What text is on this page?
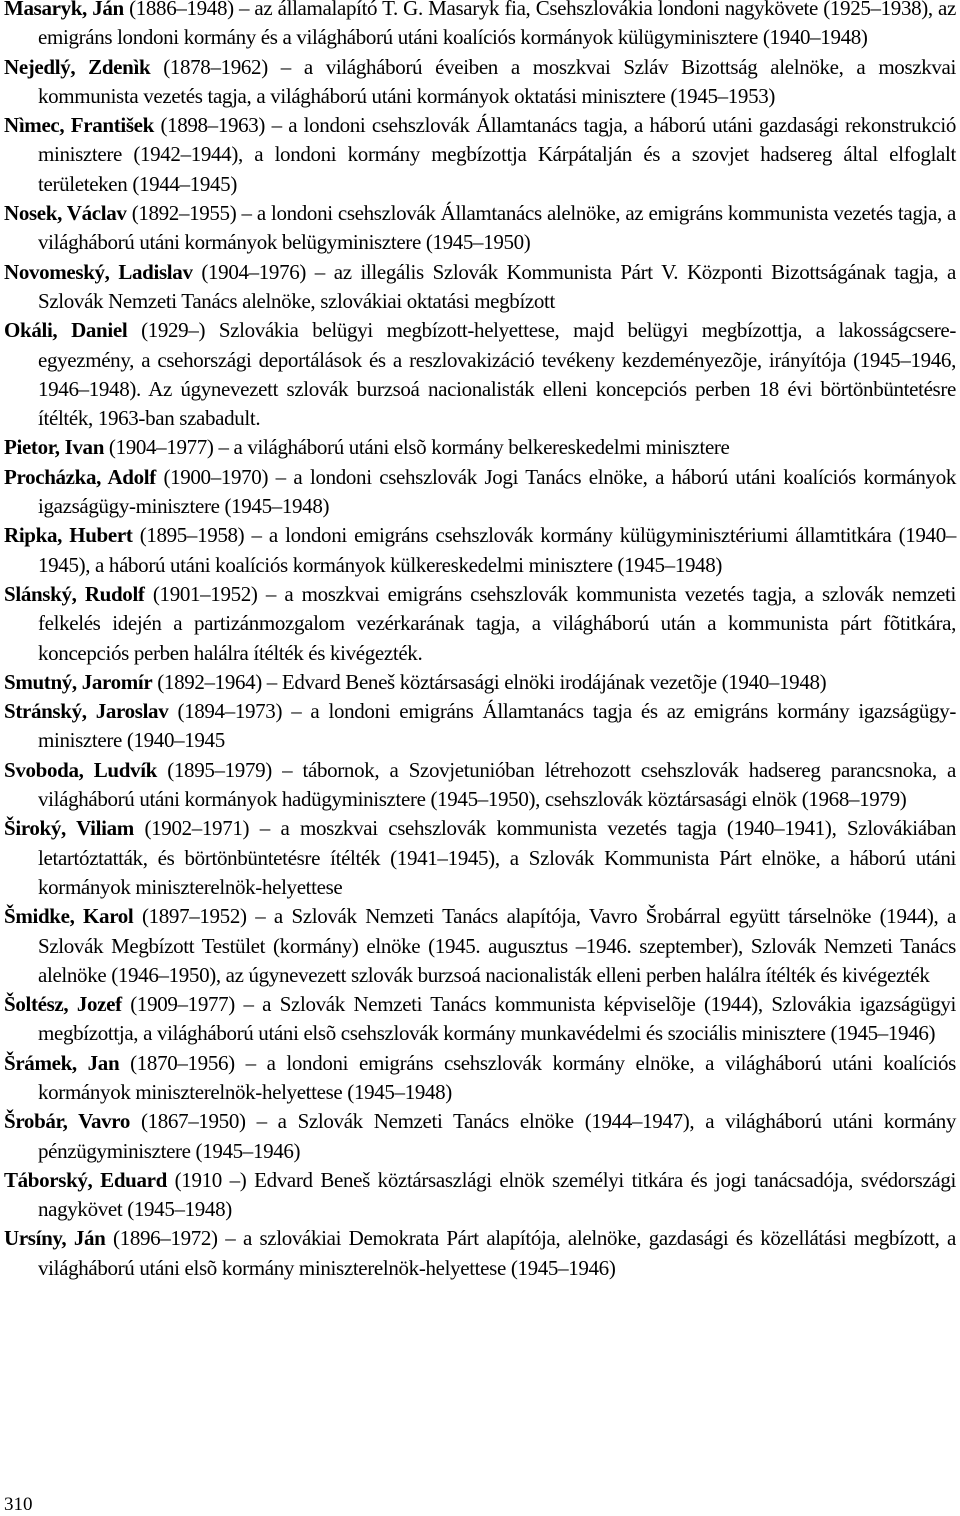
Masaryk, Ján (1886–1948) – az államalapító T. G. Masaryk fia, Csehszlovákia londoni nagykövete (1925–1938), az emigráns londoni kormány és a világháború utáni koalíciós kormányok külügyminisztere (1940–1948)

Nejedlý, Zdenìk (1878–1962) – a világháború éveiben a moszkvai Szláv Bizottság alelnöke, a moszkvai kommunista vezetés tagja, a világháború utáni kormányok oktatási minisztere (1945–1953)

Nìmec, František (1898–1963) – a londoni csehszlovák Államtanács tagja, a háború utáni gazdasági rekonstrukció minisztere (1942–1944), a londoni kormány megbízottja Kárpátalján és a szovjet hadsereg által elfoglalt területeken (1944–1945)

Nosek, Václav (1892–1955) – a londoni csehszlovák Államtanács alelnöke, az emigráns kommunista vezetés tagja, a világháború utáni kormányok belügyminisztere (1945–1950)

Novomeský, Ladislav (1904–1976) – az illegális Szlovák Kommunista Párt V. Központi Bizottságának tagja, a Szlovák Nemzeti Tanács alelnöke, szlovákiai oktatási megbízott

Okáli, Daniel (1929–) Szlovákia belügyi megbízott-helyettese, majd belügyi megbízottja, a lakosságcsere-egyezmény, a csehországi deportálások és a reszlovakizáció tevékeny kezdeményezõje, irányítója (1945–1946, 1946–1948). Az úgynevezett szlovák burzsoá nacionalisták elleni koncepciós perben 18 évi börtönbüntetésre ítélték, 1963-ban szabadult.

Pietor, Ivan (1904–1977) – a világháború utáni elsõ kormány belkereskedelmi minisztere

Procházka, Adolf (1900–1970) – a londoni csehszlovák Jogi Tanács elnöke, a háború utáni koalíciós kormányok igazságügy-minisztere (1945–1948)

Ripka, Hubert (1895–1958) – a londoni emigráns csehszlovák kormány külügyminisztériumi államtitkára (1940–1945), a háború utáni koalíciós kormányok külkereskedelmi minisztere (1945–1948)

Slánský, Rudolf (1901–1952) – a moszkvai emigráns csehszlovák kommunista vezetés tagja, a szlovák nemzeti felkelés idején a partizánmozgalom vezérkarának tagja, a világháború után a kommunista párt fõtitkára, koncepciós perben halálra ítélték és kivégezték.

Smutný, Jaromír (1892–1964) – Edvard Beneš köztársasági elnöki irodájának vezetõje (1940–1948)

Stránský, Jaroslav (1894–1973) – a londoni emigráns Államtanács tagja és az emigráns kormány igazságügy-minisztere (1940–1945

Svoboda, Ludvík (1895–1979) – tábornok, a Szovjetunióban létrehozott csehszlovák hadsereg parancsnoka, a világháború utáni kormányok hadügyminisztere (1945–1950), csehszlovák köztársasági elnök (1968–1979)

Široký, Viliam (1902–1971) – a moszkvai csehszlovák kommunista vezetés tagja (1940–1941), Szlovákiában letartóztatták, és börtönbüntetésre ítélték (1941–1945), a Szlovák Kommunista Párt elnöke, a háború utáni kormányok miniszterelnök-helyettese

Šmidke, Karol (1897–1952) – a Szlovák Nemzeti Tanács alapítója, Vavro Šrobárral együtt társelnöke (1944), a Szlovák Megbízott Testület (kormány) elnöke (1945. augusztus –1946. szeptember), Szlovák Nemzeti Tanács alelnöke (1946–1950), az úgynevezett szlovák burzsoá nacionalisták elleni perben halálra ítélték és kivégezték

Šoltész, Jozef (1909–1977) – a Szlovák Nemzeti Tanács kommunista képviselõje (1944), Szlovákia igazságügyi megbízottja, a világháború utáni elsõ csehszlovák kormány munkavédelmi és szociális minisztere (1945–1946)

Šrámek, Jan (1870–1956) – a londoni emigráns csehszlovák kormány elnöke, a világháború utáni koalíciós kormányok miniszterelnök-helyettese (1945–1948)

Šrobár, Vavro (1867–1950) – a Szlovák Nemzeti Tanács elnöke (1944–1947), a világháború utáni kormány pénzügyminisztere (1945–1946)

Táborský, Eduard (1910 –) Edvard Beneš köztársaszlági elnök személyi titkára és jogi tanácsadója, svédországi nagykövet (1945–1948)

Ursíny, Ján (1896–1972) – a szlovákiai Demokrata Párt alapítója, alelnöke, gazdasági és közellátási megbízott, a világháború utáni elsõ kormány miniszterelnök-helyettese (1945–1946)

310
